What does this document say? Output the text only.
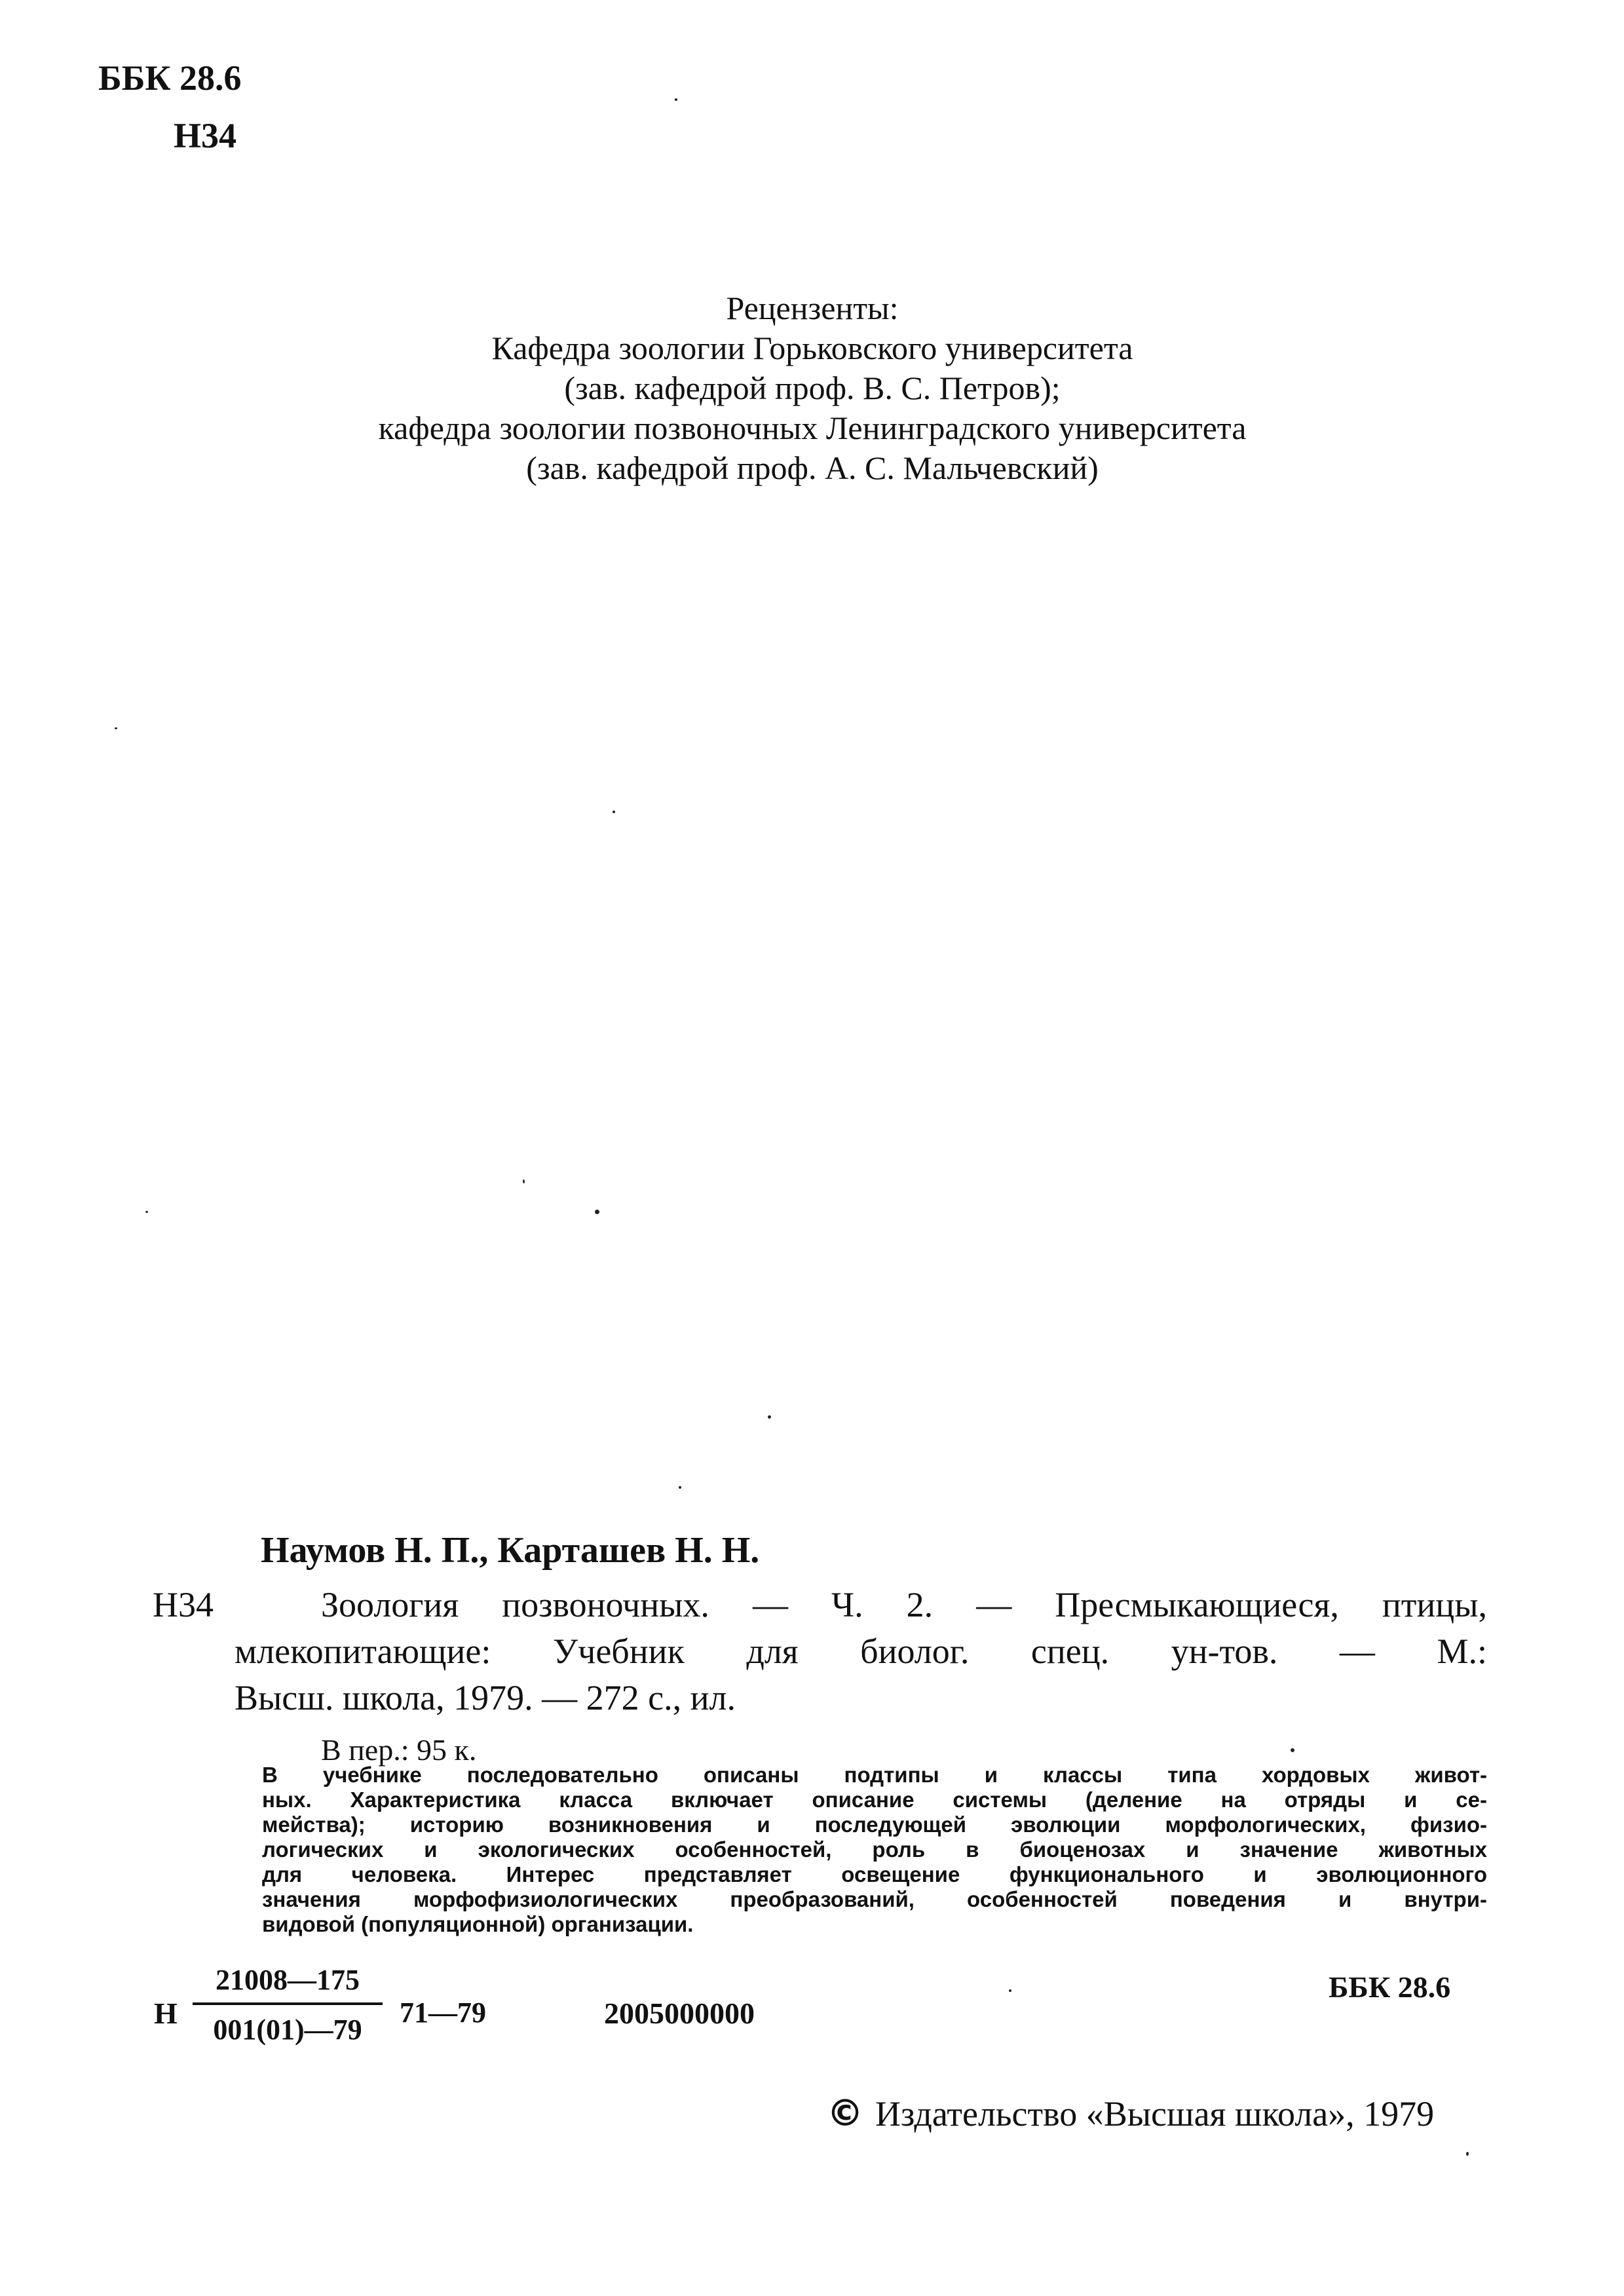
ББК 28.6
Н34
Рецензенты:
Кафедра зоологии Горьковского университета
(зав. кафедрой проф. В. С. Петров);
кафедра зоологии позвоночных Ленинградского университета
(зав. кафедрой проф. А. С. Мальчевский)
Наумов Н. П., Карташев Н. Н.
Н34	Зоология позвоночных. — Ч. 2. — Пресмыкающиеся, птицы,
млекопитающие: Учебник для биолог. спец. ун-тов. — М.:
Высш. школа, 1979. — 272 с., ил.
В пер.: 95 к.
В учебнике последовательно описаны подтипы и классы типа хордовых живот-
ных. Характеристика класса включает описание системы (деление на отряды и се-
мейства); историю возникновения и последующей эволюции морфологических, физио-
логических и экологических особенностей, роль в биоценозах и значение животных
для человека. Интерес представляет освещение функционального и эволюционного
значения морфофизиологических преобразований, особенностей поведения и внутри-
видовой (популяционной) организации.
Н $\frac{21008—175}{001(01)—79}$ 71—79	2005000000
ББК 28.6
© Издательство «Высшая школа», 1979
